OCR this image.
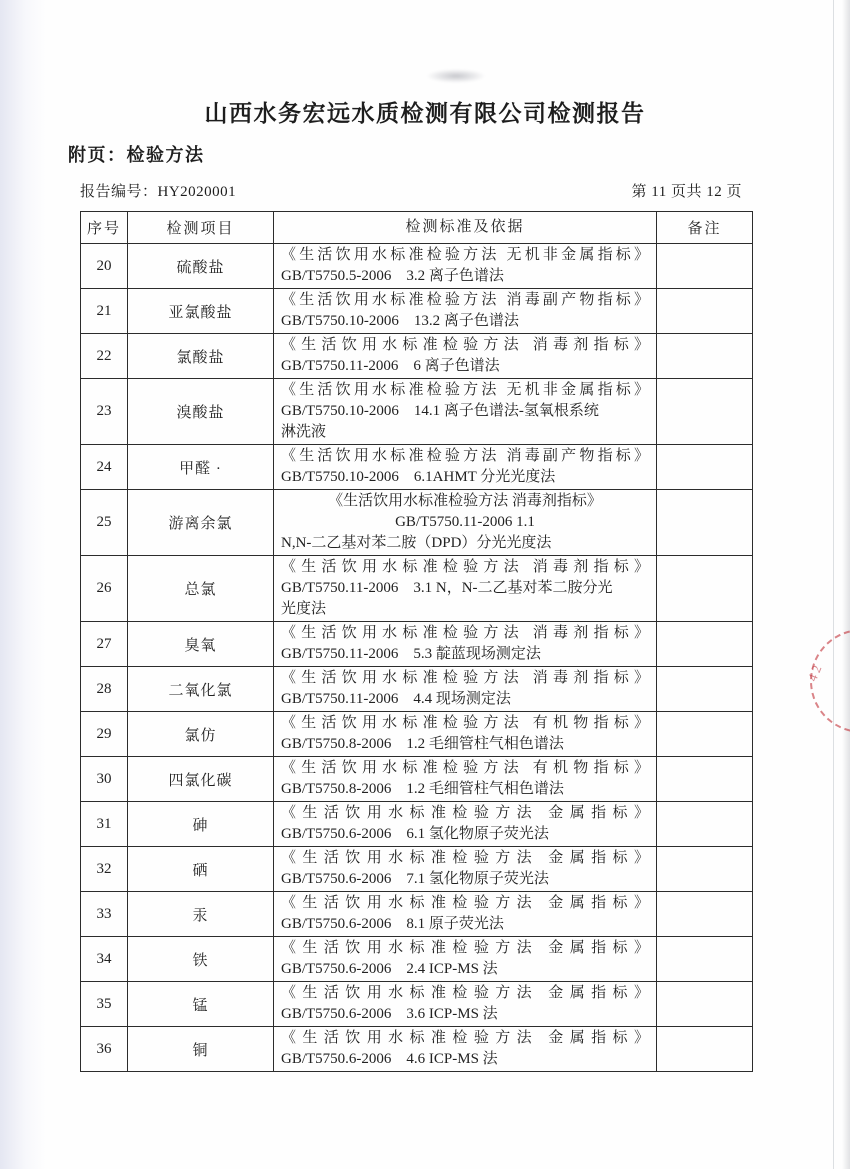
山西水务宏远水质检测有限公司检测报告
附页：检验方法
报告编号：HY2020001	第 11 页共 12 页
序号	检测项目	检测标准及依据	备注
20	硫酸盐
《生活饮用水标准检验方法 无机非金属指标》
GB/T5750.5-2006　3.2 离子色谱法
21	亚氯酸盐
《生活饮用水标准检验方法 消毒副产物指标》
GB/T5750.10-2006　13.2 离子色谱法
22	氯酸盐
《生活饮用水标准检验方法 消毒剂指标》
GB/T5750.11-2006　6 离子色谱法
23	溴酸盐
《生活饮用水标准检验方法 无机非金属指标》
GB/T5750.10-2006　14.1 离子色谱法-氢氧根系统
淋洗液
24	甲醛 ·
《生活饮用水标准检验方法 消毒副产物指标》
GB/T5750.10-2006　6.1AHMT 分光光度法
25	游离余氯
《生活饮用水标准检验方法 消毒剂指标》
GB/T5750.11-2006 1.1
N,N-二乙基对苯二胺（DPD）分光光度法
26	总氯
《生活饮用水标准检验方法 消毒剂指标》
GB/T5750.11-2006　3.1 N，N-二乙基对苯二胺分光
光度法
27	臭氧
《生活饮用水标准检验方法 消毒剂指标》
GB/T5750.11-2006　5.3 靛蓝现场测定法
28	二氧化氯
《生活饮用水标准检验方法 消毒剂指标》
GB/T5750.11-2006　4.4 现场测定法
29	氯仿
《生活饮用水标准检验方法 有机物指标》
GB/T5750.8-2006　1.2 毛细管柱气相色谱法
30	四氯化碳
《生活饮用水标准检验方法 有机物指标》
GB/T5750.8-2006　1.2 毛细管柱气相色谱法
31	砷
《生活饮用水标准检验方法 金属指标》
GB/T5750.6-2006　6.1 氢化物原子荧光法
32	硒
《生活饮用水标准检验方法 金属指标》
GB/T5750.6-2006　7.1 氢化物原子荧光法
33	汞
《生活饮用水标准检验方法 金属指标》
GB/T5750.6-2006　8.1 原子荧光法
34	铁
《生活饮用水标准检验方法 金属指标》
GB/T5750.6-2006　2.4 ICP-MS 法
35	锰
《生活饮用水标准检验方法 金属指标》
GB/T5750.6-2006　3.6 ICP-MS 法
36	铜
《生活饮用水标准检验方法 金属指标》
GB/T5750.6-2006　4.6 ICP-MS 法
42
